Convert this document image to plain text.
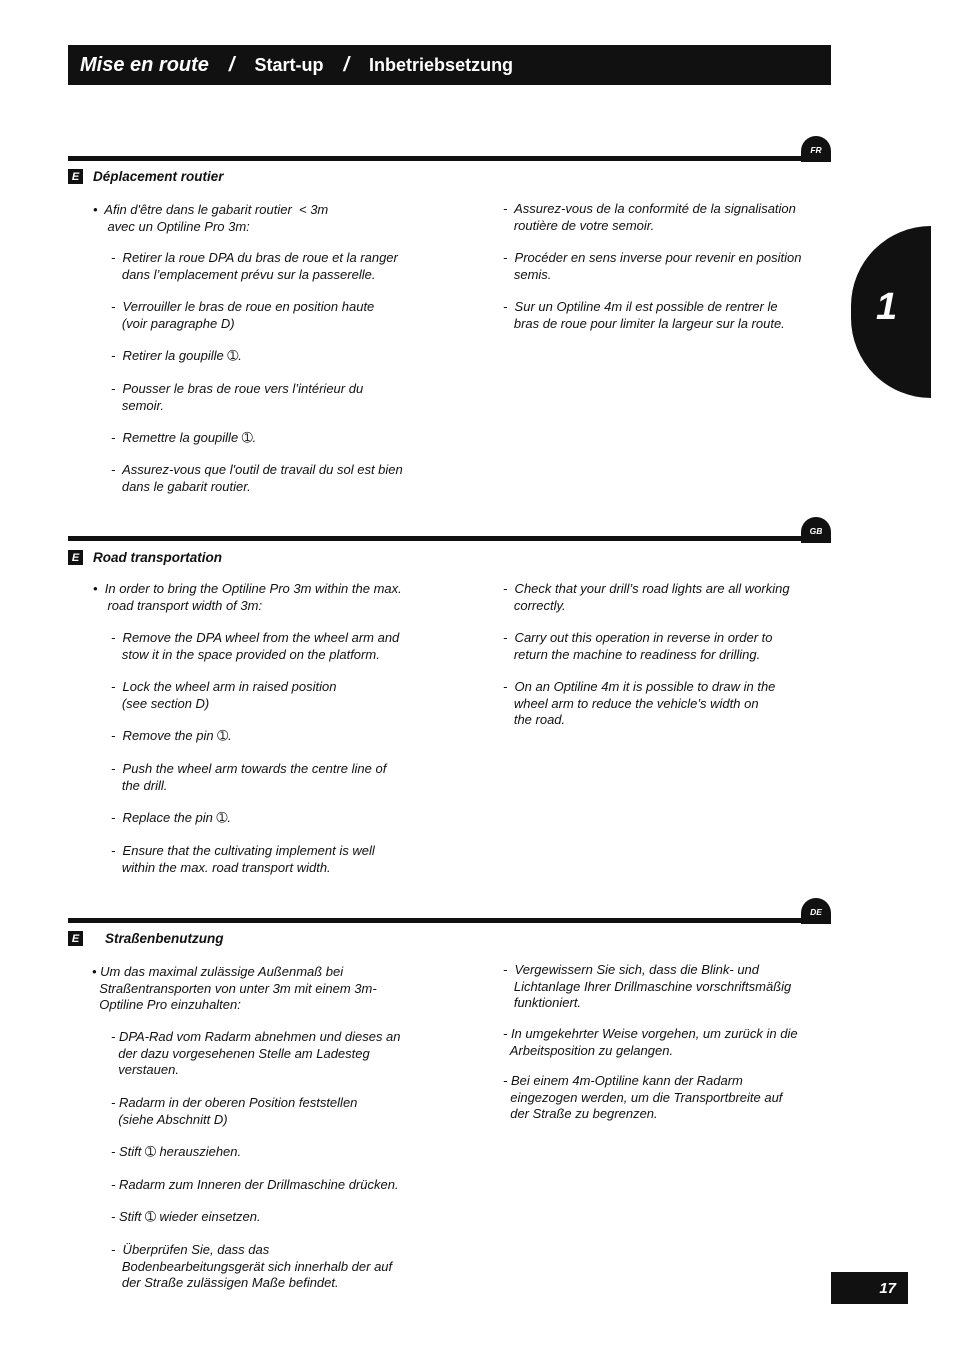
Mise en route / Start-up / Inbetriebsetzung
1
FR
E Déplacement routier
•  Afin d'être dans le gabarit routier  < 3m
avec un Optiline Pro 3m:
-  Retirer la roue DPA du bras de roue et la ranger
dans l’emplacement prévu sur la passerelle.
-  Verrouiller le bras de roue en position haute
(voir paragraphe D)
-  Retirer la goupille ➀.
-  Pousser le bras de roue vers l’intérieur du
semoir.
-  Remettre la goupille ➀.
-  Assurez-vous que l'outil de travail du sol est bien
dans le gabarit routier.
-  Assurez-vous de la conformité de la signalisation
routière de votre semoir.
-  Procéder en sens inverse pour revenir en position
semis.
-  Sur un Optiline 4m il est possible de rentrer le
bras de roue pour limiter la largeur sur la route.
GB
E Road transportation
•  In order to bring the Optiline Pro 3m within the max.
road transport width of 3m:
-  Remove the DPA wheel from the wheel arm and
stow it in the space provided on the platform.
-  Lock the wheel arm in raised position
(see section D)
-  Remove the pin ➀.
-  Push the wheel arm towards the centre line of
the drill.
-  Replace the pin ➀.
-  Ensure that the cultivating implement is well
within the max. road transport width.
-  Check that your drill’s road lights are all working
correctly.
-  Carry out this operation in reverse in order to
return the machine to readiness for drilling.
-  On an Optiline 4m it is possible to draw in the
wheel arm to reduce the vehicle’s width on
the road.
DE
E Straßenbenutzung
• Um das maximal zulässige Außenmaß bei
Straßentransporten von unter 3m mit einem 3m-
Optiline Pro einzuhalten:
- DPA-Rad vom Radarm abnehmen und dieses an
der dazu vorgesehenen Stelle am Ladesteg
verstauen.
- Radarm in der oberen Position feststellen
(siehe Abschnitt D)
- Stift ➀ herausziehen.
- Radarm zum Inneren der Drillmaschine drücken.
- Stift ➀ wieder einsetzen.
-  Überprüfen Sie, dass das
Bodenbearbeitungsgerät sich innerhalb der auf
der Straße zulässigen Maße befindet.
-  Vergewissern Sie sich, dass die Blink- und
Lichtanlage Ihrer Drillmaschine vorschriftsmäßig
funktioniert.
- In umgekehrter Weise vorgehen, um zurück in die
Arbeitsposition zu gelangen.
- Bei einem 4m-Optiline kann der Radarm
eingezogen werden, um die Transportbreite auf
der Straße zu begrenzen.
17
